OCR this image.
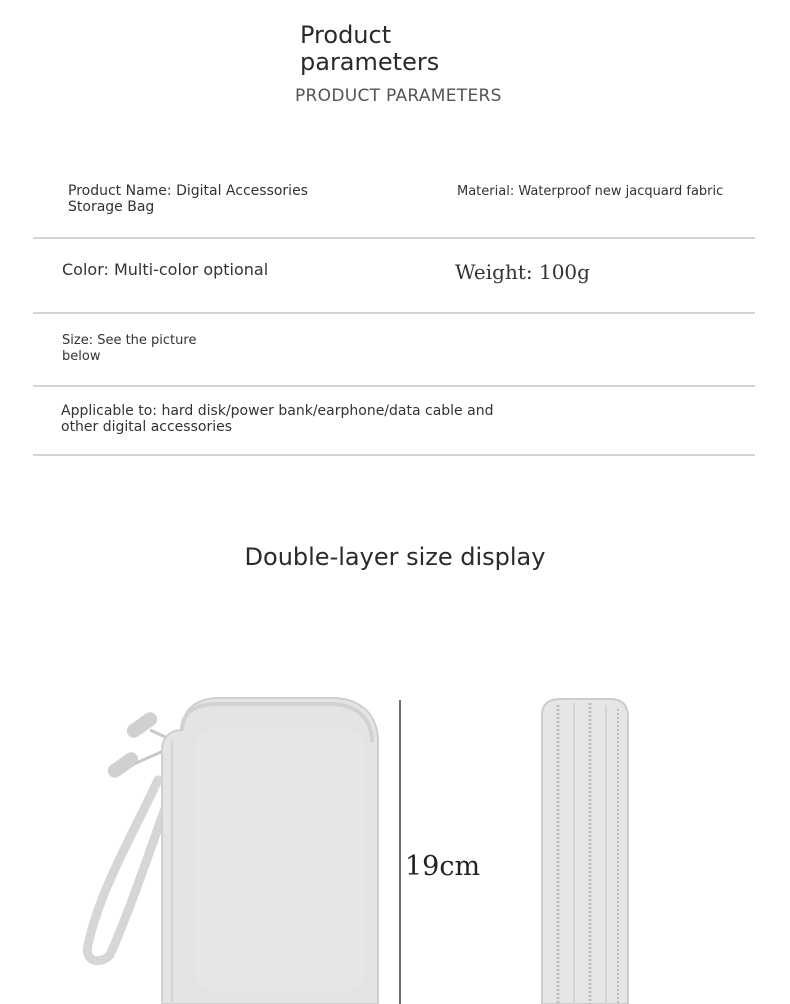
Product parameters
PRODUCT PARAMETERS
Product Name: Digital Accessories Storage Bag
Material: Waterproof new jacquard fabric
Color: Multi-color optional	Weight: 100g
Size: See the picture below
Applicable to: hard disk/power bank/earphone/data cable and other digital accessories
Double-layer size display
19cm
